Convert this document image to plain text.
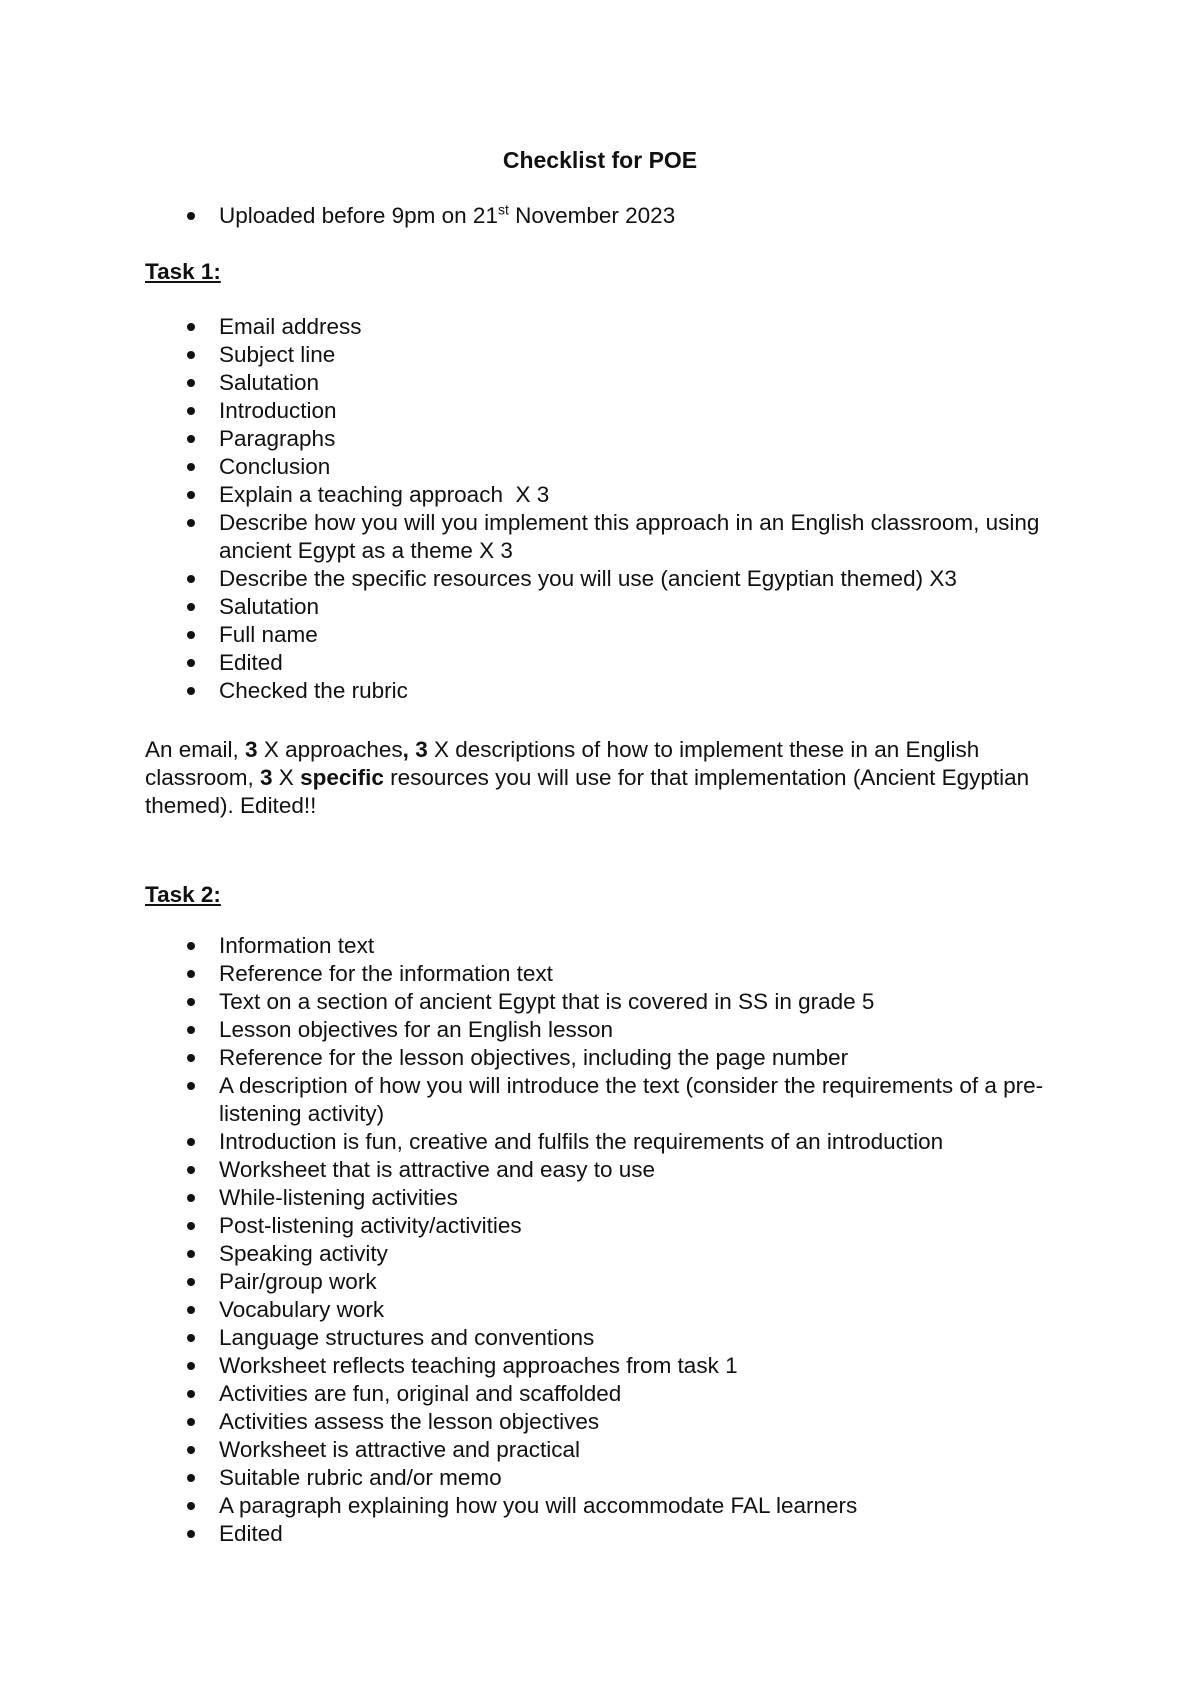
Checklist for POE
Uploaded before 9pm on 21st November 2023
Task 1:
Email address
Subject line
Salutation
Introduction
Paragraphs
Conclusion
Explain a teaching approach  X 3
Describe how you will you implement this approach in an English classroom, using ancient Egypt as a theme X 3
Describe the specific resources you will use (ancient Egyptian themed) X3
Salutation
Full name
Edited
Checked the rubric

An email, 3 X approaches, 3 X descriptions of how to implement these in an English classroom, 3 X specific resources you will use for that implementation (Ancient Egyptian themed). Edited!!

Task 2:
Information text
Reference for the information text
Text on a section of ancient Egypt that is covered in SS in grade 5
Lesson objectives for an English lesson
Reference for the lesson objectives, including the page number
A description of how you will introduce the text (consider the requirements of a pre-listening activity)
Introduction is fun, creative and fulfils the requirements of an introduction
Worksheet that is attractive and easy to use
While-listening activities
Post-listening activity/activities
Speaking activity
Pair/group work
Vocabulary work
Language structures and conventions
Worksheet reflects teaching approaches from task 1
Activities are fun, original and scaffolded
Activities assess the lesson objectives
Worksheet is attractive and practical
Suitable rubric and/or memo
A paragraph explaining how you will accommodate FAL learners
Edited
